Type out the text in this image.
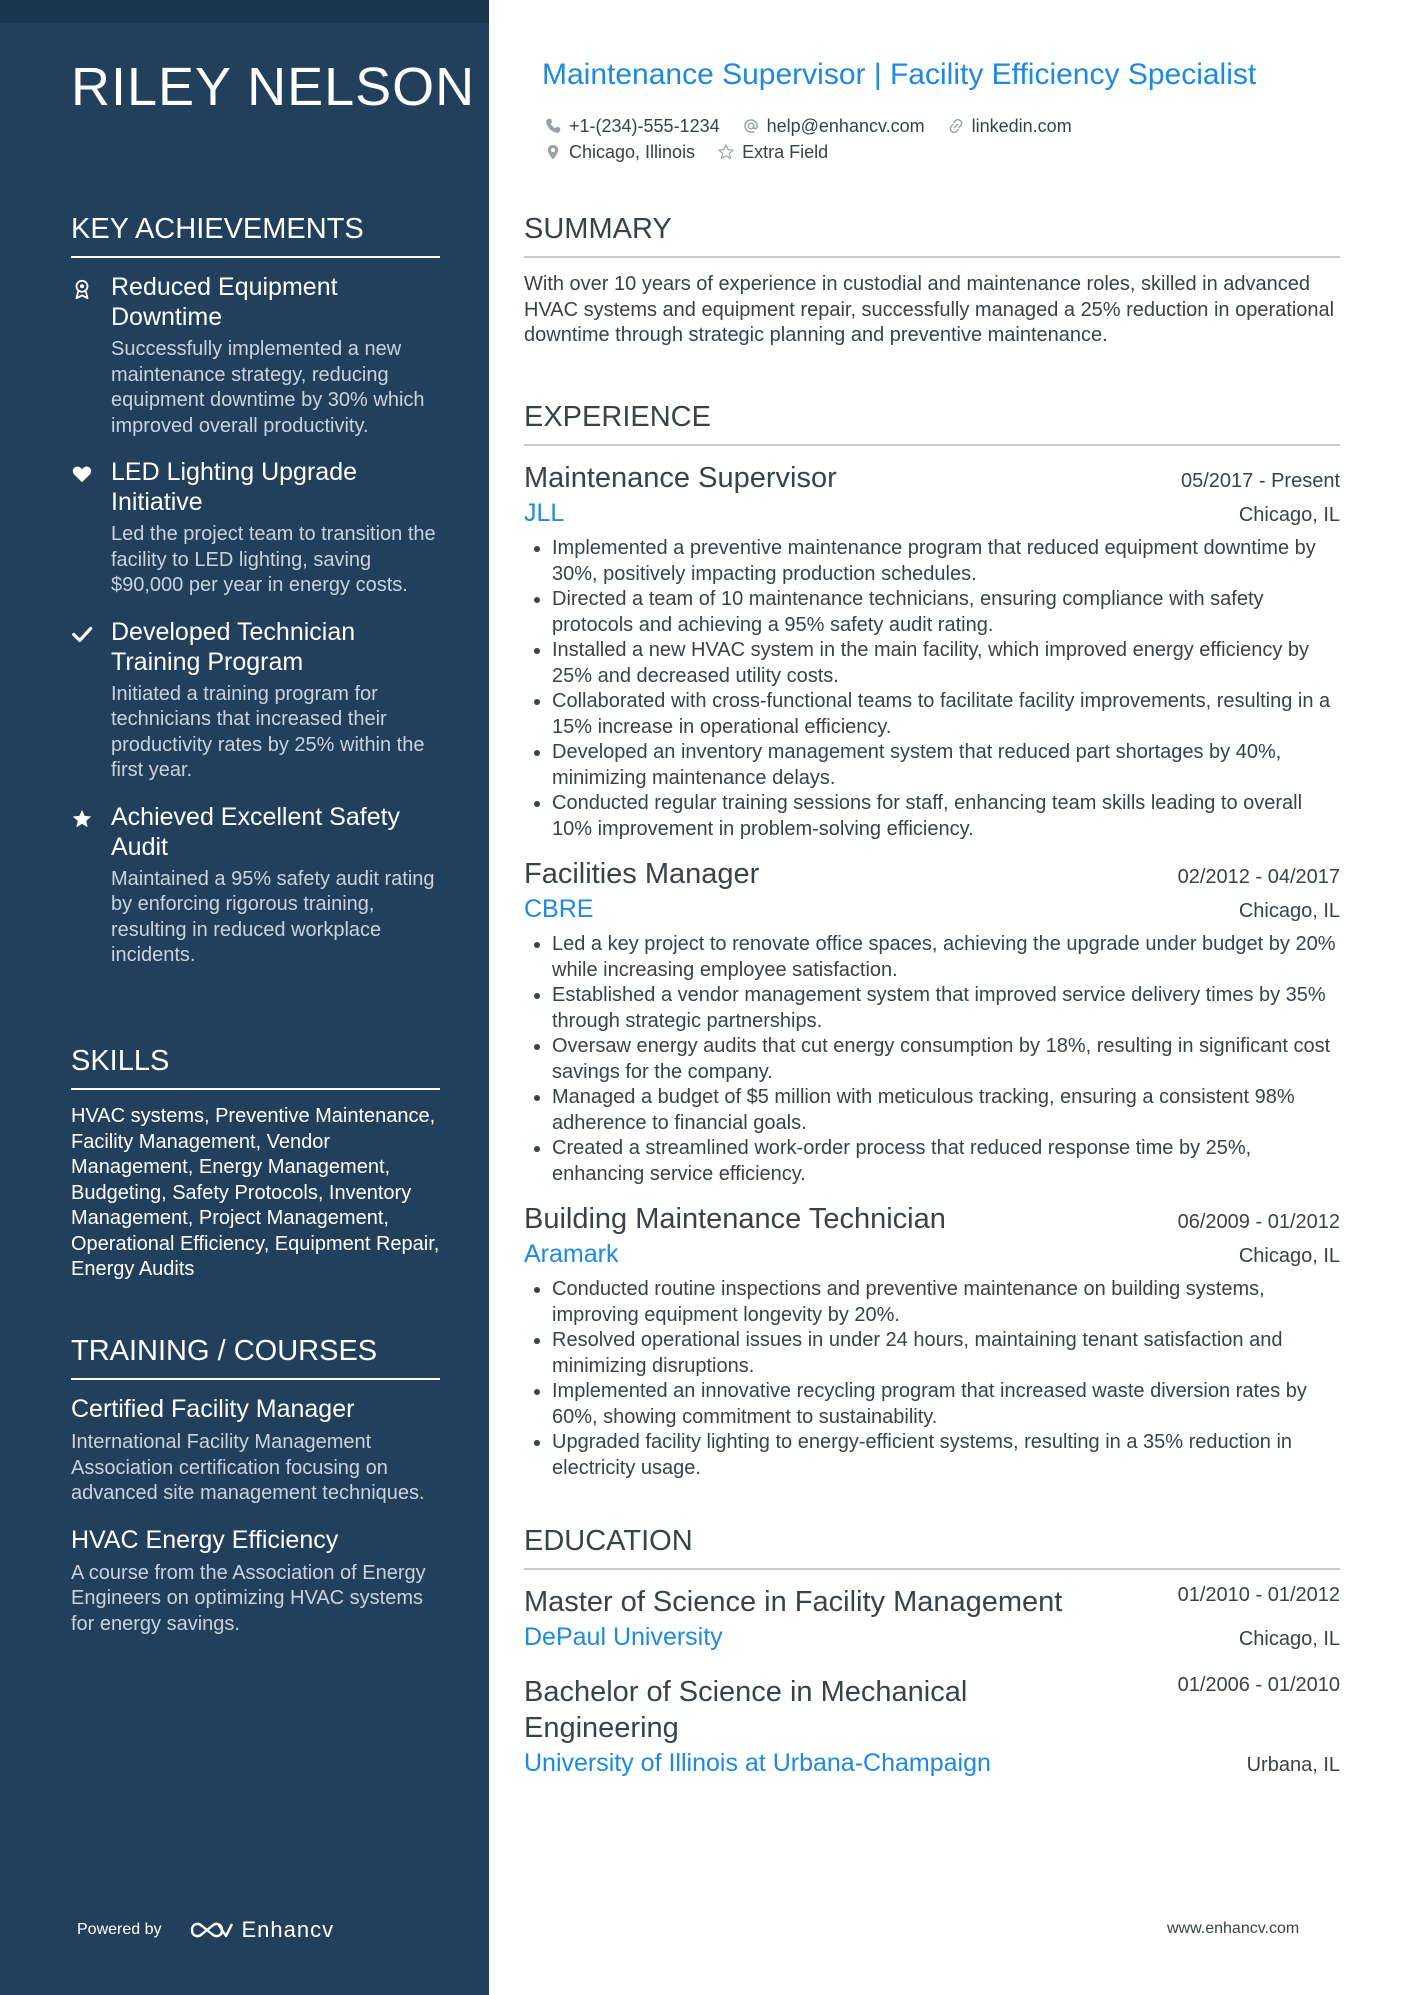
RILEY NELSON
KEY ACHIEVEMENTS
Reduced Equipment Downtime
Successfully implemented a new maintenance strategy, reducing equipment downtime by 30% which improved overall productivity.
LED Lighting Upgrade Initiative
Led the project team to transition the facility to LED lighting, saving $90,000 per year in energy costs.
Developed Technician Training Program
Initiated a training program for technicians that increased their productivity rates by 25% within the first year.
Achieved Excellent Safety Audit
Maintained a 95% safety audit rating by enforcing rigorous training, resulting in reduced workplace incidents.
SKILLS
HVAC systems, Preventive Maintenance, Facility Management, Vendor Management, Energy Management, Budgeting, Safety Protocols, Inventory Management, Project Management, Operational Efficiency, Equipment Repair, Energy Audits
TRAINING / COURSES
Certified Facility Manager
International Facility Management Association certification focusing on advanced site management techniques.
HVAC Energy Efficiency
A course from the Association of Energy Engineers on optimizing HVAC systems for energy savings.
Powered by	Enhancv
Maintenance Supervisor | Facility Efficiency Specialist
+1-(234)-555-1234	help@enhancv.com	linkedin.com
Chicago, Illinois	Extra Field
SUMMARY
With over 10 years of experience in custodial and maintenance roles, skilled in advanced HVAC systems and equipment repair, successfully managed a 25% reduction in operational downtime through strategic planning and preventive maintenance.
EXPERIENCE
Maintenance Supervisor	05/2017 - Present
JLL	Chicago, IL
• Implemented a preventive maintenance program that reduced equipment downtime by 30%, positively impacting production schedules.
• Directed a team of 10 maintenance technicians, ensuring compliance with safety protocols and achieving a 95% safety audit rating.
• Installed a new HVAC system in the main facility, which improved energy efficiency by 25% and decreased utility costs.
• Collaborated with cross-functional teams to facilitate facility improvements, resulting in a 15% increase in operational efficiency.
• Developed an inventory management system that reduced part shortages by 40%, minimizing maintenance delays.
• Conducted regular training sessions for staff, enhancing team skills leading to overall 10% improvement in problem-solving efficiency.
Facilities Manager	02/2012 - 04/2017
CBRE	Chicago, IL
• Led a key project to renovate office spaces, achieving the upgrade under budget by 20% while increasing employee satisfaction.
• Established a vendor management system that improved service delivery times by 35% through strategic partnerships.
• Oversaw energy audits that cut energy consumption by 18%, resulting in significant cost savings for the company.
• Managed a budget of $5 million with meticulous tracking, ensuring a consistent 98% adherence to financial goals.
• Created a streamlined work-order process that reduced response time by 25%, enhancing service efficiency.
Building Maintenance Technician	06/2009 - 01/2012
Aramark	Chicago, IL
• Conducted routine inspections and preventive maintenance on building systems, improving equipment longevity by 20%.
• Resolved operational issues in under 24 hours, maintaining tenant satisfaction and minimizing disruptions.
• Implemented an innovative recycling program that increased waste diversion rates by 60%, showing commitment to sustainability.
• Upgraded facility lighting to energy-efficient systems, resulting in a 35% reduction in electricity usage.
EDUCATION
Master of Science in Facility Management	01/2010 - 01/2012
DePaul University	Chicago, IL
Bachelor of Science in Mechanical Engineering
01/2006 - 01/2010
University of Illinois at Urbana-Champaign	Urbana, IL
www.enhancv.com
